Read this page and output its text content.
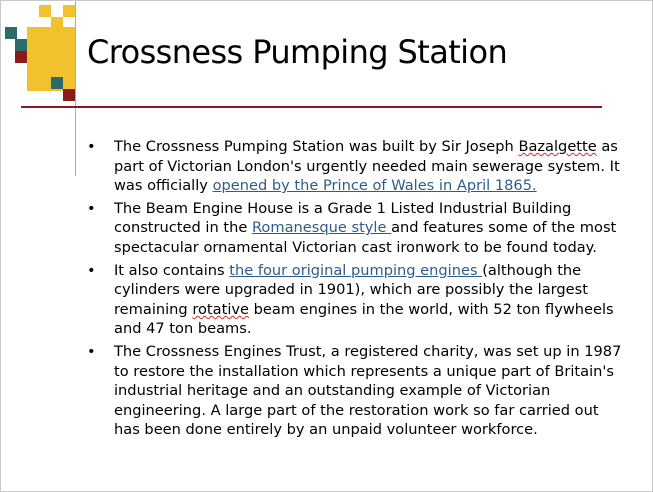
Crossness Pumping Station
• The Crossness Pumping Station was built by Sir Joseph Bazalgette as part of Victorian London's urgently needed main sewerage system. It was officially opened by the Prince of Wales in April 1865.
• The Beam Engine House is a Grade 1 Listed Industrial Building constructed in the Romanesque style and features some of the most spectacular ornamental Victorian cast ironwork to be found today.
• It also contains the four original pumping engines (although the cylinders were upgraded in 1901), which are possibly the largest remaining rotative beam engines in the world, with 52 ton flywheels and 47 ton beams.
• The Crossness Engines Trust, a registered charity, was set up in 1987 to restore the installation which represents a unique part of Britain's industrial heritage and an outstanding example of Victorian engineering. A large part of the restoration work so far carried out has been done entirely by an unpaid volunteer workforce.
